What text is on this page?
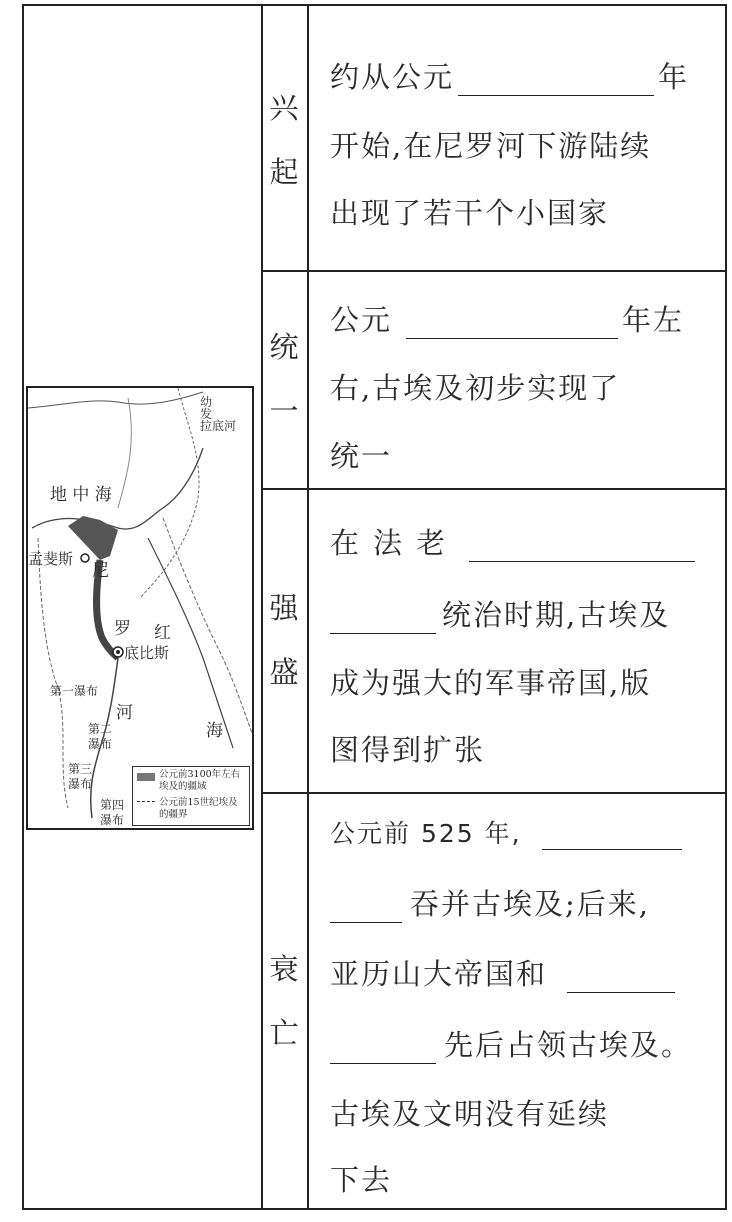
地 中 海
幼
发
拉底河
孟斐斯
尼
罗
河
底比斯
红
海
第一瀑布
第二
瀑布
第三
瀑布
第四
瀑布
公元前3100年左右埃及的疆域
公元前15世纪埃及的疆界
兴
起
统
一
强
盛
衰
亡
约从公元	年
开始,在尼罗河下游陆续
出现了若干个小国家
公元	年左
右,古埃及初步实现了
统一
在法老
统治时期,古埃及
成为强大的军事帝国,版
图得到扩张
公元前 525 年,
吞并古埃及;后来,
亚历山大帝国和
先后占领古埃及。
古埃及文明没有延续
下去
